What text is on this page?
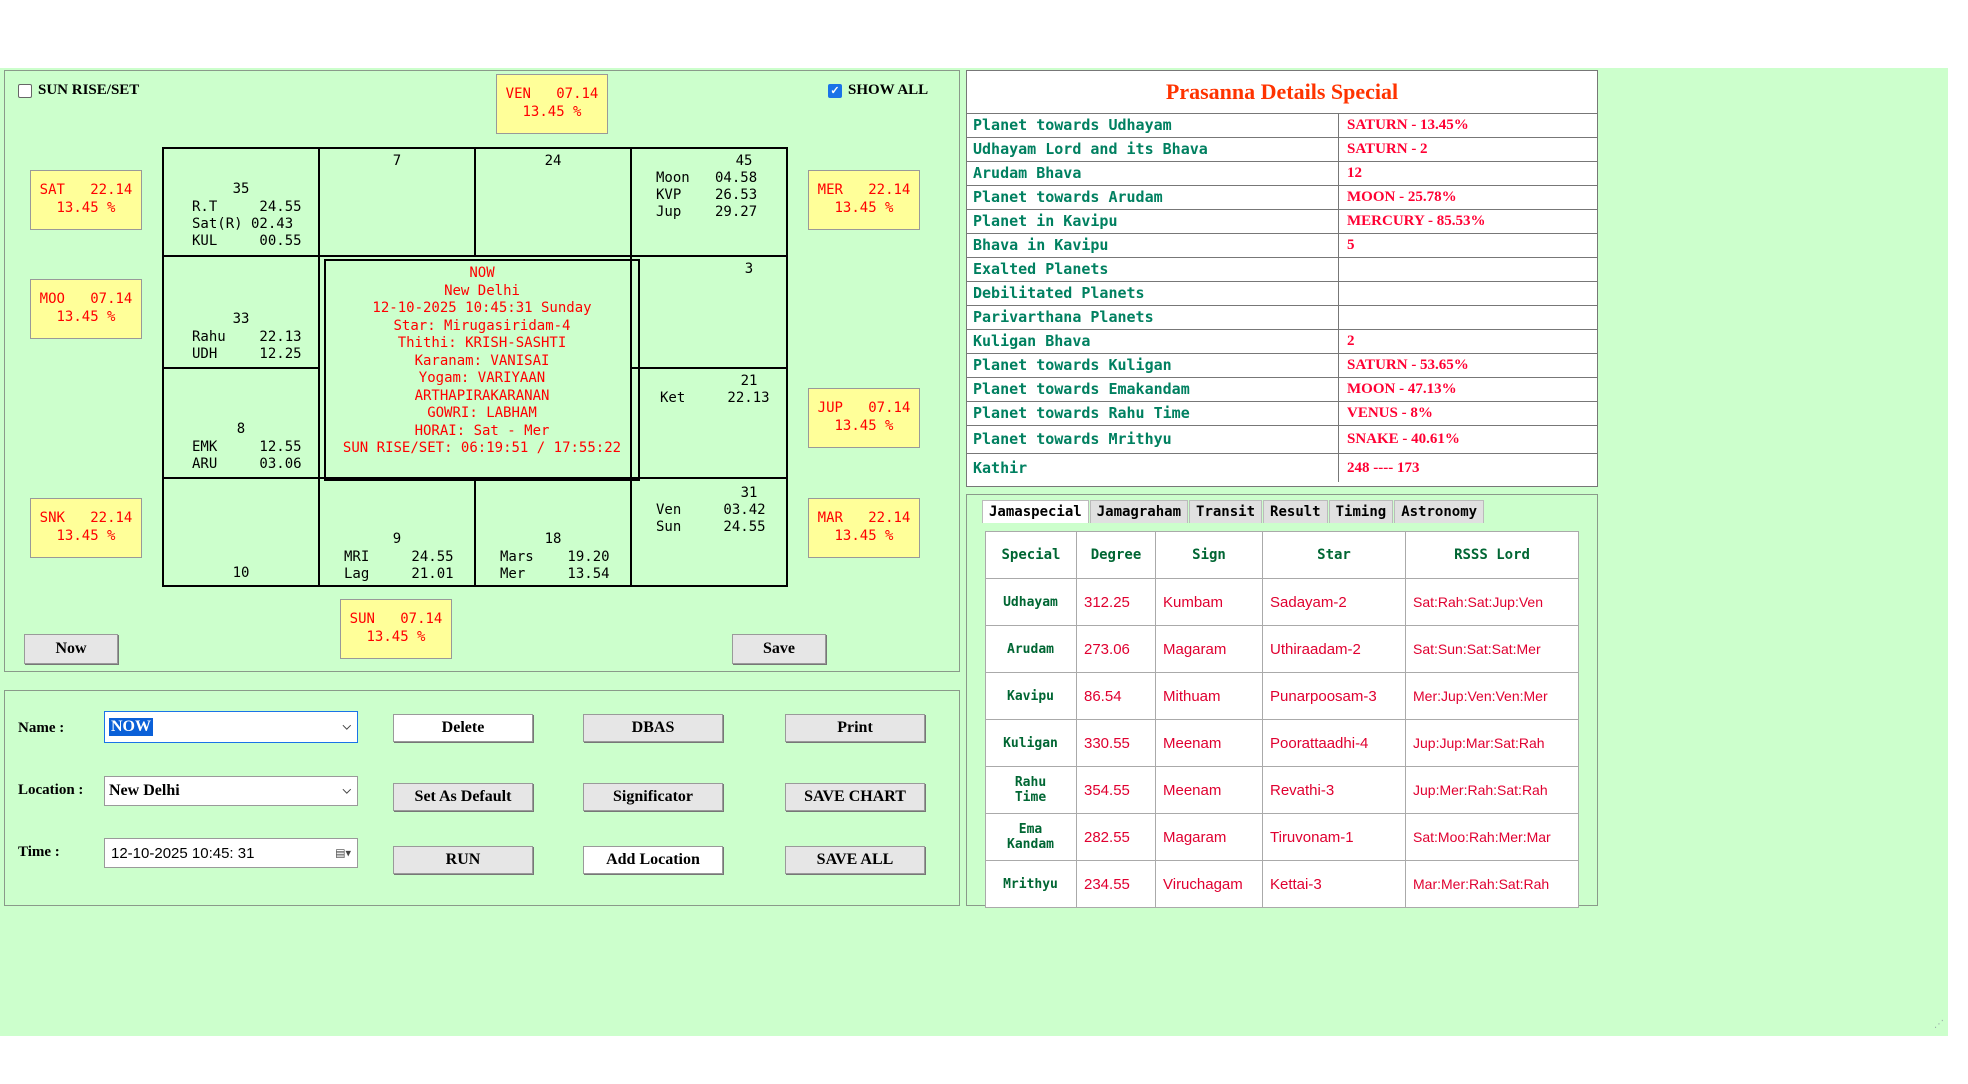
⋰
SUN RISE/SET	✓ SHOW ALL
VEN   07.14
13.45 %
SAT   22.14
13.45 %
MOO   07.14
13.45 %
SNK   22.14
13.45 %
MER   22.14
13.45 %
JUP   07.14
13.45 %
MAR   22.14
13.45 %
SUN   07.14
13.45 %
35
R.T     24.55
Sat(R) 02.43
KUL     00.55
7	24	45
Moon   04.58
KVP    26.53
Jup    29.27
33
Rahu    22.13
UDH     12.25
3
8
EMK     12.55
ARU     03.06
21
Ket     22.13
10
9
MRI     24.55
Lag     21.01
18
Mars    19.20
Mer     13.54
31
Ven     03.42
Sun     24.55
NOW
New Delhi
12-10-2025 10:45:31 Sunday
Star: Mirugasiridam-4
Thithi: KRISH-SASHTI
Karanam: VANISAI
Yogam: VARIYAAN
ARTHAPIRAKARANAN
GOWRI: LABHAM
HORAI: Sat - Mer
SUN RISE/SET: 06:19:51 / 17:55:22
Now	Save
Name :	NOW	⌵
Location : New Delhi	⌵
Time :	12-10-2025 10:45: 31	▤▾
Delete	DBAS	Print
Set As Default	Significator	SAVE CHART
RUN	Add Location	SAVE ALL
Prasanna Details Special
Planet towards Udhayam	SATURN - 13.45%
Udhayam Lord and its Bhava	SATURN - 2
Arudam Bhava	12
Planet towards Arudam	MOON - 25.78%
Planet in Kavipu	MERCURY - 85.53%
Bhava in Kavipu	5
Exalted Planets
Debilitated Planets
Parivarthana Planets
Kuligan Bhava	2
Planet towards Kuligan	SATURN - 53.65%
Planet towards Emakandam	MOON - 47.13%
Planet towards Rahu Time	VENUS - 8%
Planet towards Mrithyu	SNAKE - 40.61%
Kathir	248 ---- 173
Jamaspecial	Jamagraham	Transit	Result	Timing	Astronomy
Special	Degree	Sign	Star	RSSS Lord
Udhayam	312.25	Kumbam	Sadayam-2	Sat:Rah:Sat:Jup:Ven
Arudam	273.06	Magaram	Uthiraadam-2	Sat:Sun:Sat:Sat:Mer
Kavipu	86.54	Mithuam	Punarpoosam-3	Mer:Jup:Ven:Ven:Mer
Kuligan	330.55	Meenam	Poorattaadhi-4	Jup:Jup:Mar:Sat:Rah
Rahu
Time	354.55	Meenam	Revathi-3	Jup:Mer:Rah:Sat:Rah
Ema
Kandam	282.55	Magaram	Tiruvonam-1	Sat:Moo:Rah:Mer:Mar
Mrithyu	234.55	Viruchagam	Kettai-3	Mar:Mer:Rah:Sat:Rah
